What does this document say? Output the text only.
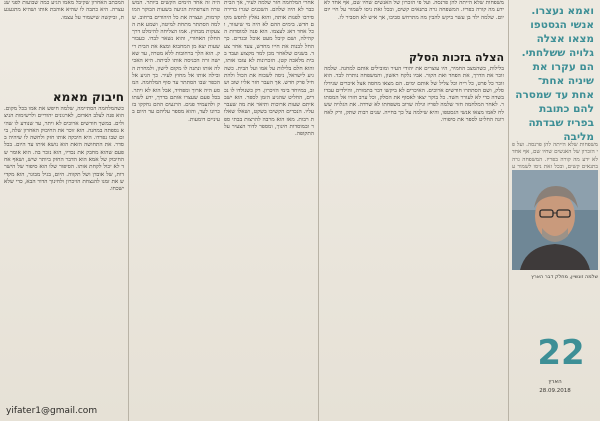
משפחות שלא הייתה להן פרנסה. ועל פי הזכרון של האנשים שחיו שם, אף אחד לא ידע מה קורה בפריז. המשפחה גרה בתנאים קשים, ובכל זאת ניסו לשמור על חיי יום יום. שלמה ילד בן עשר ביקש להבין מה מתרחש סביבו, אך איש לא הסביר לו.
הצלה בזכות הסלק
בלילות, כשהמצב החמיר, היו עוצרים את יהודי העיר ומובילים אותם למחנה. שלמה זוכר את הדרך, את הפחד ואת הקור. אביו נלקח ראשון, והמשפחה נותרה לבד. הוא זוכר כל פרט, כל ריח וכל צליל של אותם ימים. הם מצאו מחסה אצל איכרים שגידלו סלק, ושם הסתתרו חודשים ארוכים. האיכרים לא ביקשו דבר בתמורה, והילדים עבדו בשדה כדי לא לעורר חשד. כל בוקר יצאו לאסוף את הסלק, וכל ערב חזרו אל המסתור. לאחר המלחמה חזר שלמה לפריז וגילה שרוב משפחתו לא שרדה. את הגלויה ששלח לאמו מצאו אנשי הגסטפו, והיא שילמה על כך בחייה. שנים רבות שתק, ורק לאחרונה החליט לספר את סיפורו.
אחרי המלחמה חזר שלמה לעיר, אך הבית כבר לא היה שלהם. השכנים שגרו בדירה סירבו לפנות אותה, והוא נאלץ לחפש מקום חדש. בימים ההם לא היה מי שיעזור, וכל אחד דאג לעצמו. הוא פנה למוסדות הקהילה, ושם קיבל מעט אוכל ובגדים. כך החל לבנות את חייו מחדש, צעד אחר צעד. בשנים שלאחר מכן למד מקצוע ועבד בבית מלאכה קטן. הזכרונות לא עזבו אותו, והוא חלם בלילות על אמו ועל הבית. כשהגיע לישראל, ניסה לשכוח את הכול ולהתחיל פרק חדש. אך העבר חזר אליו שוב ושוב, במיוחד בימי הזיכרון. רק כשנולדו לו נכדים, החליט שהגיע הזמן לספר. הוא ישב איתם שעות ארוכות ותיאר את מה שעבר עליו. הנכדים הקשיבו בשקט, ושאלו שאלות רבות. מאז הוא מרבה להרצות בבתי ספר ובמוסדות חינוך, ומספר לדור הצעיר על התקופה.
היה זה אחד הימים הקשים ביותר. המשטרה הצרפתית הגיעה בשעות הבוקר המוקדמות, ועצרה את כל היהודים ברחוב. שלמה הסתתר מתחת למיטה, ושמע את הצעקות מבחוץ. אמו הצליחה להימלט דרך החלון האחורי, והוא נשאר לבדו. כעבור שעות יצא מן המחבוא ומצא את הבית ריק. הוא הלך ברחובות ללא מטרה, עד שאישה זרה הכניסה אותו לביתה. היא האכילה אותו ונתנה לו מקום לישון, ולמחרת הובילה אותו אל מחוץ לעיר. כך הגיע אל הכפר שבו הסתתר עד סוף המלחמה. המסע היה ארוך ומפחיד, אבל הוא לא ויתר. בכל פעם שעצרו אותם בדרך, ידע לשתוק ולהעמיד פנים. הרגעים ההם נחקקו בזכרונו לעד, והוא מספר עליהם עד היום בעיניים דומעות.
המכתב האחרון שקיבל מאמו הגיע כמה שבועות לפני שנעצרה. היא כתבה לו שהיא אוהבת אותו ושהיא מתגעגעת, וביקשה שישמור על עצמו.
חיבוק מאמא
כשהמלחמה הסתיימה, שלמה חיפש את אמו בכל מקום. הוא פנה לצלב האדום, לארגונים יהודיים ולרשימות הניצולים. במשך חודשים ארוכים לא ויתר, עד שנודע לו שהיא נספתה במחנה. הוא זוכר את החיבוק האחרון שלה, ביום שבו נפרדו. היא חיבקה אותו חזק ולחשה לו שיהיה בסדר. את התחושה הזאת הוא נושא איתו עד היום. בכל פעם שהוא מחבק את נכדיו, הוא נזכר בה. הוא אומר שהחיבוק של אמא הוא הדבר החזק ביותר שיש, ושאף אחד לא יכול לקחת אותו. הסיפור שלו הוא סיפור של הישרדות, של אובדן ושל תקווה. היום, בגיל מבוגר, הוא מקדיש את זמנו להנצחת הזיכרון ולחינוך הדור הבא, כדי שלא ישכחו.
ואמא נעצרו.
אנשי הגסטפו
מצאו אצלה
גלויה ששלחתי.
הם עקרו את
שיניה אחת־
אחת עד שמסרה
להם כתובת
בפריז שבדתה
מליבה
משפחות שלא הייתה להן פרנסה. ועל פי הזכרון של האנשים שחיו שם, אף אחד לא ידע מה קורה בפריז. המשפחה גרה בתנאים קשים, ובכל זאת ניסו לשמור ע
שלמה זונשיין, מחלק דבר הארץ
22
הארץ
28.09.2018
yifater1@gmail.com
